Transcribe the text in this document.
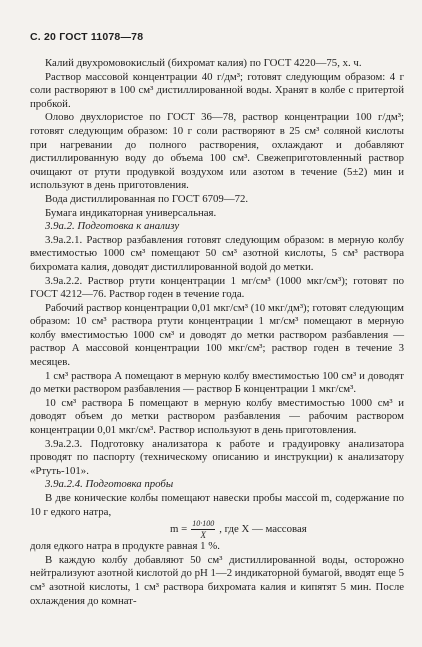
С. 20 ГОСТ 11078—78

Калий двухромовокислый (бихромат калия) по ГОСТ 4220—75, х. ч.

Раствор массовой концентрации 40 г/дм³; готовят следующим образом: 4 г соли растворяют в 100 см³ дистиллированной воды. Хранят в колбе с притертой пробкой.

Олово двухлористое по ГОСТ 36—78, раствор концентрации 100 г/дм³; готовят следующим образом: 10 г соли растворяют в 25 см³ соляной кислоты при нагревании до полного растворения, охлаждают и добавляют дистиллированную воду до объема 100 см³. Свежеприготовленный раствор очищают от ртути продувкой воздухом или азотом в течение (5±2) мин и используют в день приготовления.

Вода дистиллированная по ГОСТ 6709—72.

Бумага индикаторная универсальная.

3.9а.2. Подготовка к анализу

3.9а.2.1. Раствор разбавления готовят следующим образом: в мерную колбу вместимостью 1000 см³ помещают 50 см³ азотной кислоты, 5 см³ раствора бихромата калия, доводят дистиллированной водой до метки.

3.9а.2.2. Раствор ртути концентрации 1 мг/см³ (1000 мкг/см³); готовят по ГОСТ 4212—76. Раствор годен в течение года.

Рабочий раствор концентрации 0,01 мкг/см³ (10 мкг/дм³); готовят следующим образом: 10 см³ раствора ртути концентрации 1 мг/см³ помещают в мерную колбу вместимостью 1000 см³ и доводят до метки раствором разбавления — раствор А массовой концентрации 100 мкг/см³; раствор годен в течение 3 месяцев.

1 см³ раствора А помещают в мерную колбу вместимостью 100 см³ и доводят до метки раствором разбавления — раствор Б концентрации 1 мкг/см³.

10 см³ раствора Б помещают в мерную колбу вместимостью 1000 см³ и доводят объем до метки раствором разбавления — рабочим раствором концентрации 0,01 мкг/см³. Раствор используют в день приготовления.

3.9а.2.3. Подготовку анализатора к работе и градуировку анализатора проводят по паспорту (техническому описанию и инструкции) к анализатору «Ртуть-101».

3.9а.2.4. Подготовка пробы

В две конические колбы помещают навески пробы массой m, содержание по 10 г едкого натра,

$m = \frac{10\cdot 100}{X}$ , где X — массовая

доля едкого натра в продукте равная 1 %.

В каждую колбу добавляют 50 см³ дистиллированной воды, осторожно нейтрализуют азотной кислотой до рН 1—2 индикаторной бумагой, вводят еще 5 см³ азотной кислоты, 1 см³ раствора бихромата калия и кипятят 5 мин. После охлаждения до комнат-
